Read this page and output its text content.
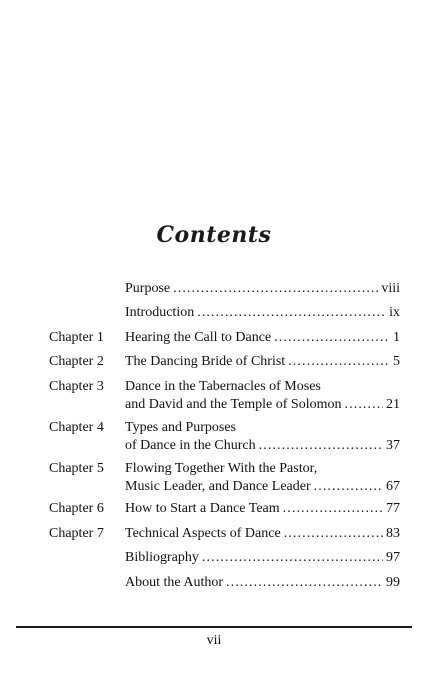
Contents
Purpose . . .	viii
Introduction . . .	ix
Chapter 1 Hearing the Call to Dance . . .	1
Chapter 2 The Dancing Bride of Christ . . .	5
Chapter 3 Dance in the Tabernacles of Moses
and David and the Temple of Solomon . . .	21
Chapter 4 Types and Purposes
of Dance in the Church . . .	37
Chapter 5 Flowing Together With the Pastor,
Music Leader, and Dance Leader . . .	67
Chapter 6 How to Start a Dance Team . . .	77
Chapter 7 Technical Aspects of Dance . . .	83
Bibliography . . .	97
About the Author . . .	99
vii
